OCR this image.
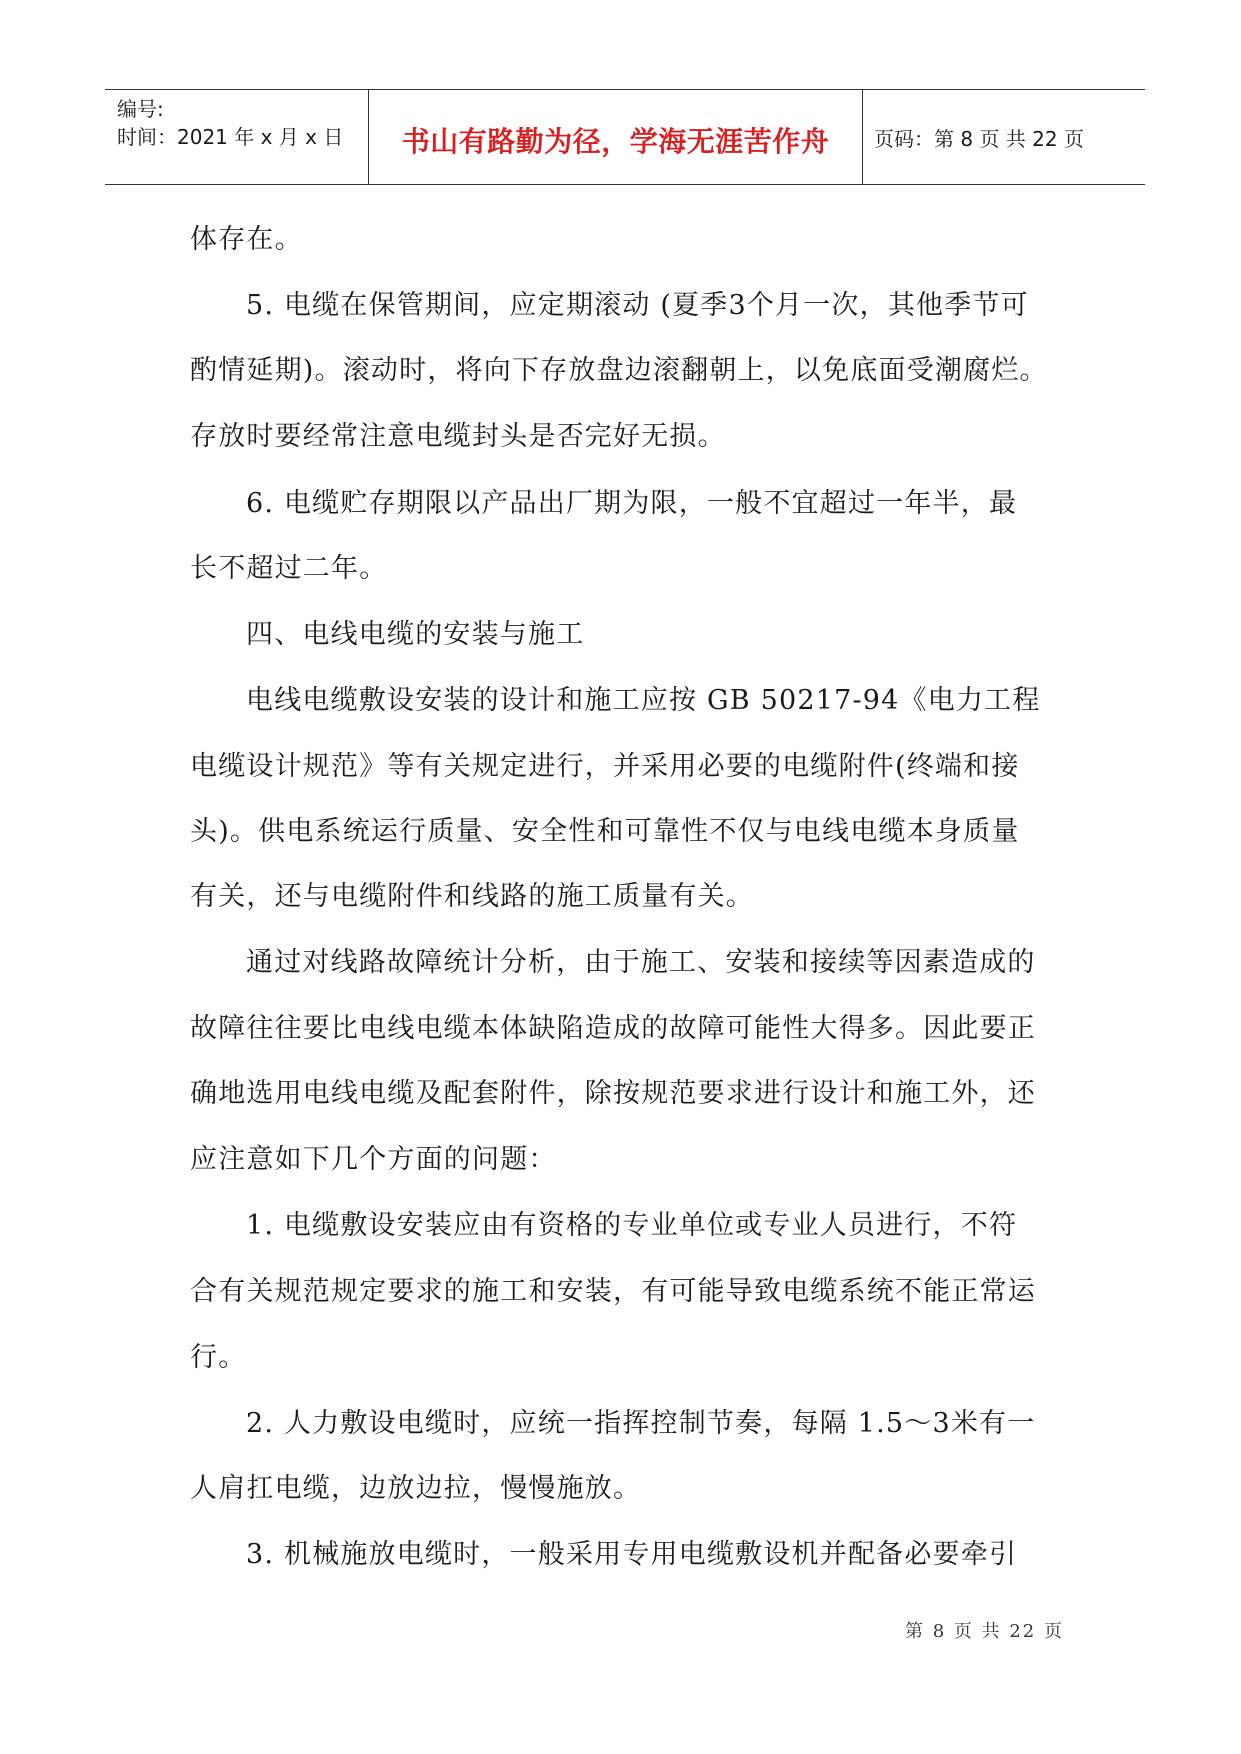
编号:
时间：2021 年 x 月 x 日	书山有路勤为径，学海无涯苦作舟	页码：第 8 页 共 22 页
体存在。
5. 电缆在保管期间，应定期滚动 (夏季3个月一次，其他季节可
酌情延期)。滚动时，将向下存放盘边滚翻朝上，以免底面受潮腐烂。
存放时要经常注意电缆封头是否完好无损。
6. 电缆贮存期限以产品出厂期为限，一般不宜超过一年半，最
长不超过二年。
四、电线电缆的安装与施工
电线电缆敷设安装的设计和施工应按 GB 50217-94《电力工程
电缆设计规范》等有关规定进行，并采用必要的电缆附件(终端和接
头)。供电系统运行质量、安全性和可靠性不仅与电线电缆本身质量
有关，还与电缆附件和线路的施工质量有关。
通过对线路故障统计分析，由于施工、安装和接续等因素造成的
故障往往要比电线电缆本体缺陷造成的故障可能性大得多。因此要正
确地选用电线电缆及配套附件，除按规范要求进行设计和施工外，还
应注意如下几个方面的问题：
1. 电缆敷设安装应由有资格的专业单位或专业人员进行，不符
合有关规范规定要求的施工和安装，有可能导致电缆系统不能正常运
行。
2. 人力敷设电缆时，应统一指挥控制节奏，每隔 1.5～3米有一
人肩扛电缆，边放边拉，慢慢施放。
3. 机械施放电缆时，一般采用专用电缆敷设机并配备必要牵引
第 8 页 共 22 页
